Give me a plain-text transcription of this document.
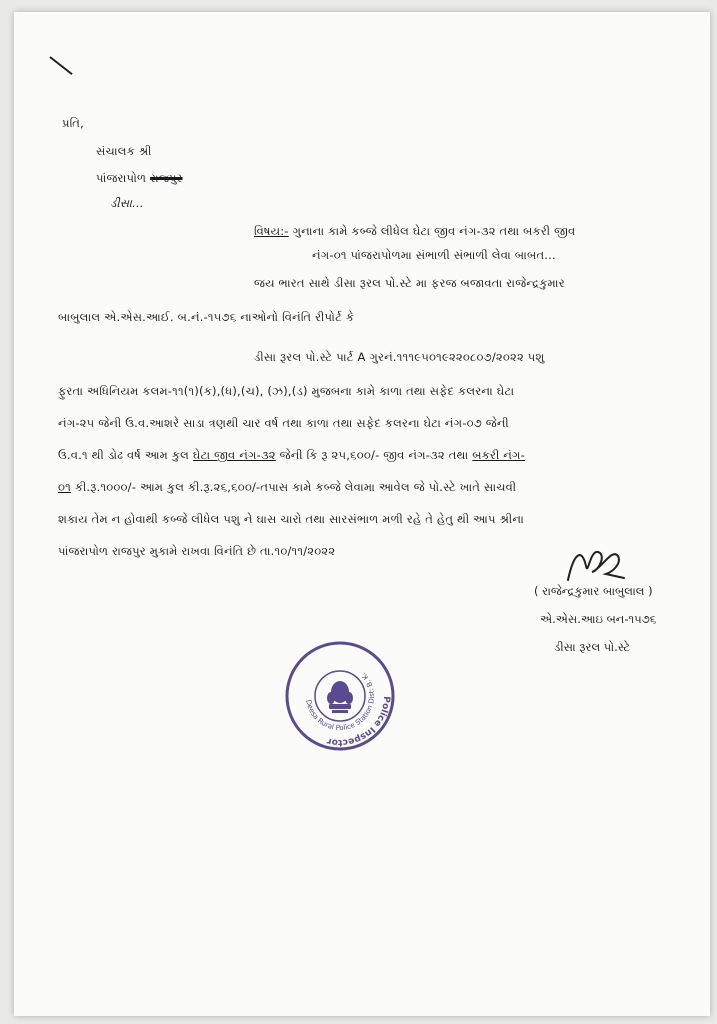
પ્રતિ,
સંચાલક શ્રી
પાંજરાપોળ રાજપુર
ડીસા...
વિષય:- ગુનાના કામે કબ્જે લીધેલ ઘેટા જીવ નંગ-૩૨ તથા બકરી જીવ
નંગ-૦૧ પાંજરાપોળમા સંભાળી સંભાળી લેવા બાબત...
જય ભારત સાથે ડીસા રૂરલ પો.સ્ટે મા ફરજ બજાવતા રાજેન્દ્રકુમાર
બાબુલાલ એ.એસ.આઈ. બ.નં.-૧૫૭૬ નાઓનો વિનંતિ રીપોર્ટ કે
ડીસા રૂરલ પો.સ્ટે પાર્ટ A ગુરનં.૧૧૧૯૫૦૧૯૨૨૦૮૦૭/૨૦૨૨ પશુ
ફુરતા અધિનિયમ કલમ-૧૧(૧)(ક),(ધ),(ચ), (ઝ),(ડ) મુજબના કામે કાળા તથા સફેદ કલરના ઘેટા
નંગ-૨૫ જેની ઉ.વ.આશરે સાડા ત્રણથી ચાર વર્ષ તથા કાળા તથા સફેદ કલરના ઘેટા નંગ-૦૭ જેની
ઉ.વ.૧ થી ડોઢ વર્ષ આમ કુલ ઘેટા જીવ નંગ-૩૨ જેની કિ રૂ ૨૫,૬૦૦/- જીવ નંગ-૩૨ તથા બકરી નંગ-
૦૧ કી.રૂ.૧૦૦૦/- આમ કુલ કી.રૂ.૨૬,૬૦૦/-તપાસ કામે કબ્જે લેવામા આવેલ જે પો.સ્ટે ખાતે સાચવી
શકાય તેમ ન હોવાથી કબ્જે લીધેલ પશુ ને ઘાસ ચારો તથા સારસંભાળ મળી રહે તે હેતુ થી આપ શ્રીના
પાંજરાપોળ રાજપુર મુકામે રાખવા વિનંતિ છે તા.૧૦/૧૧/૨૦૨૨
( રાજેન્દ્રકુમાર બાબુલાલ )
એ.એસ.આઇ બન-૧૫૭૬
ડીસા રૂરલ પો.સ્ટે
Police Inspector
Deesa Rural Police Station Dist: B. K.
